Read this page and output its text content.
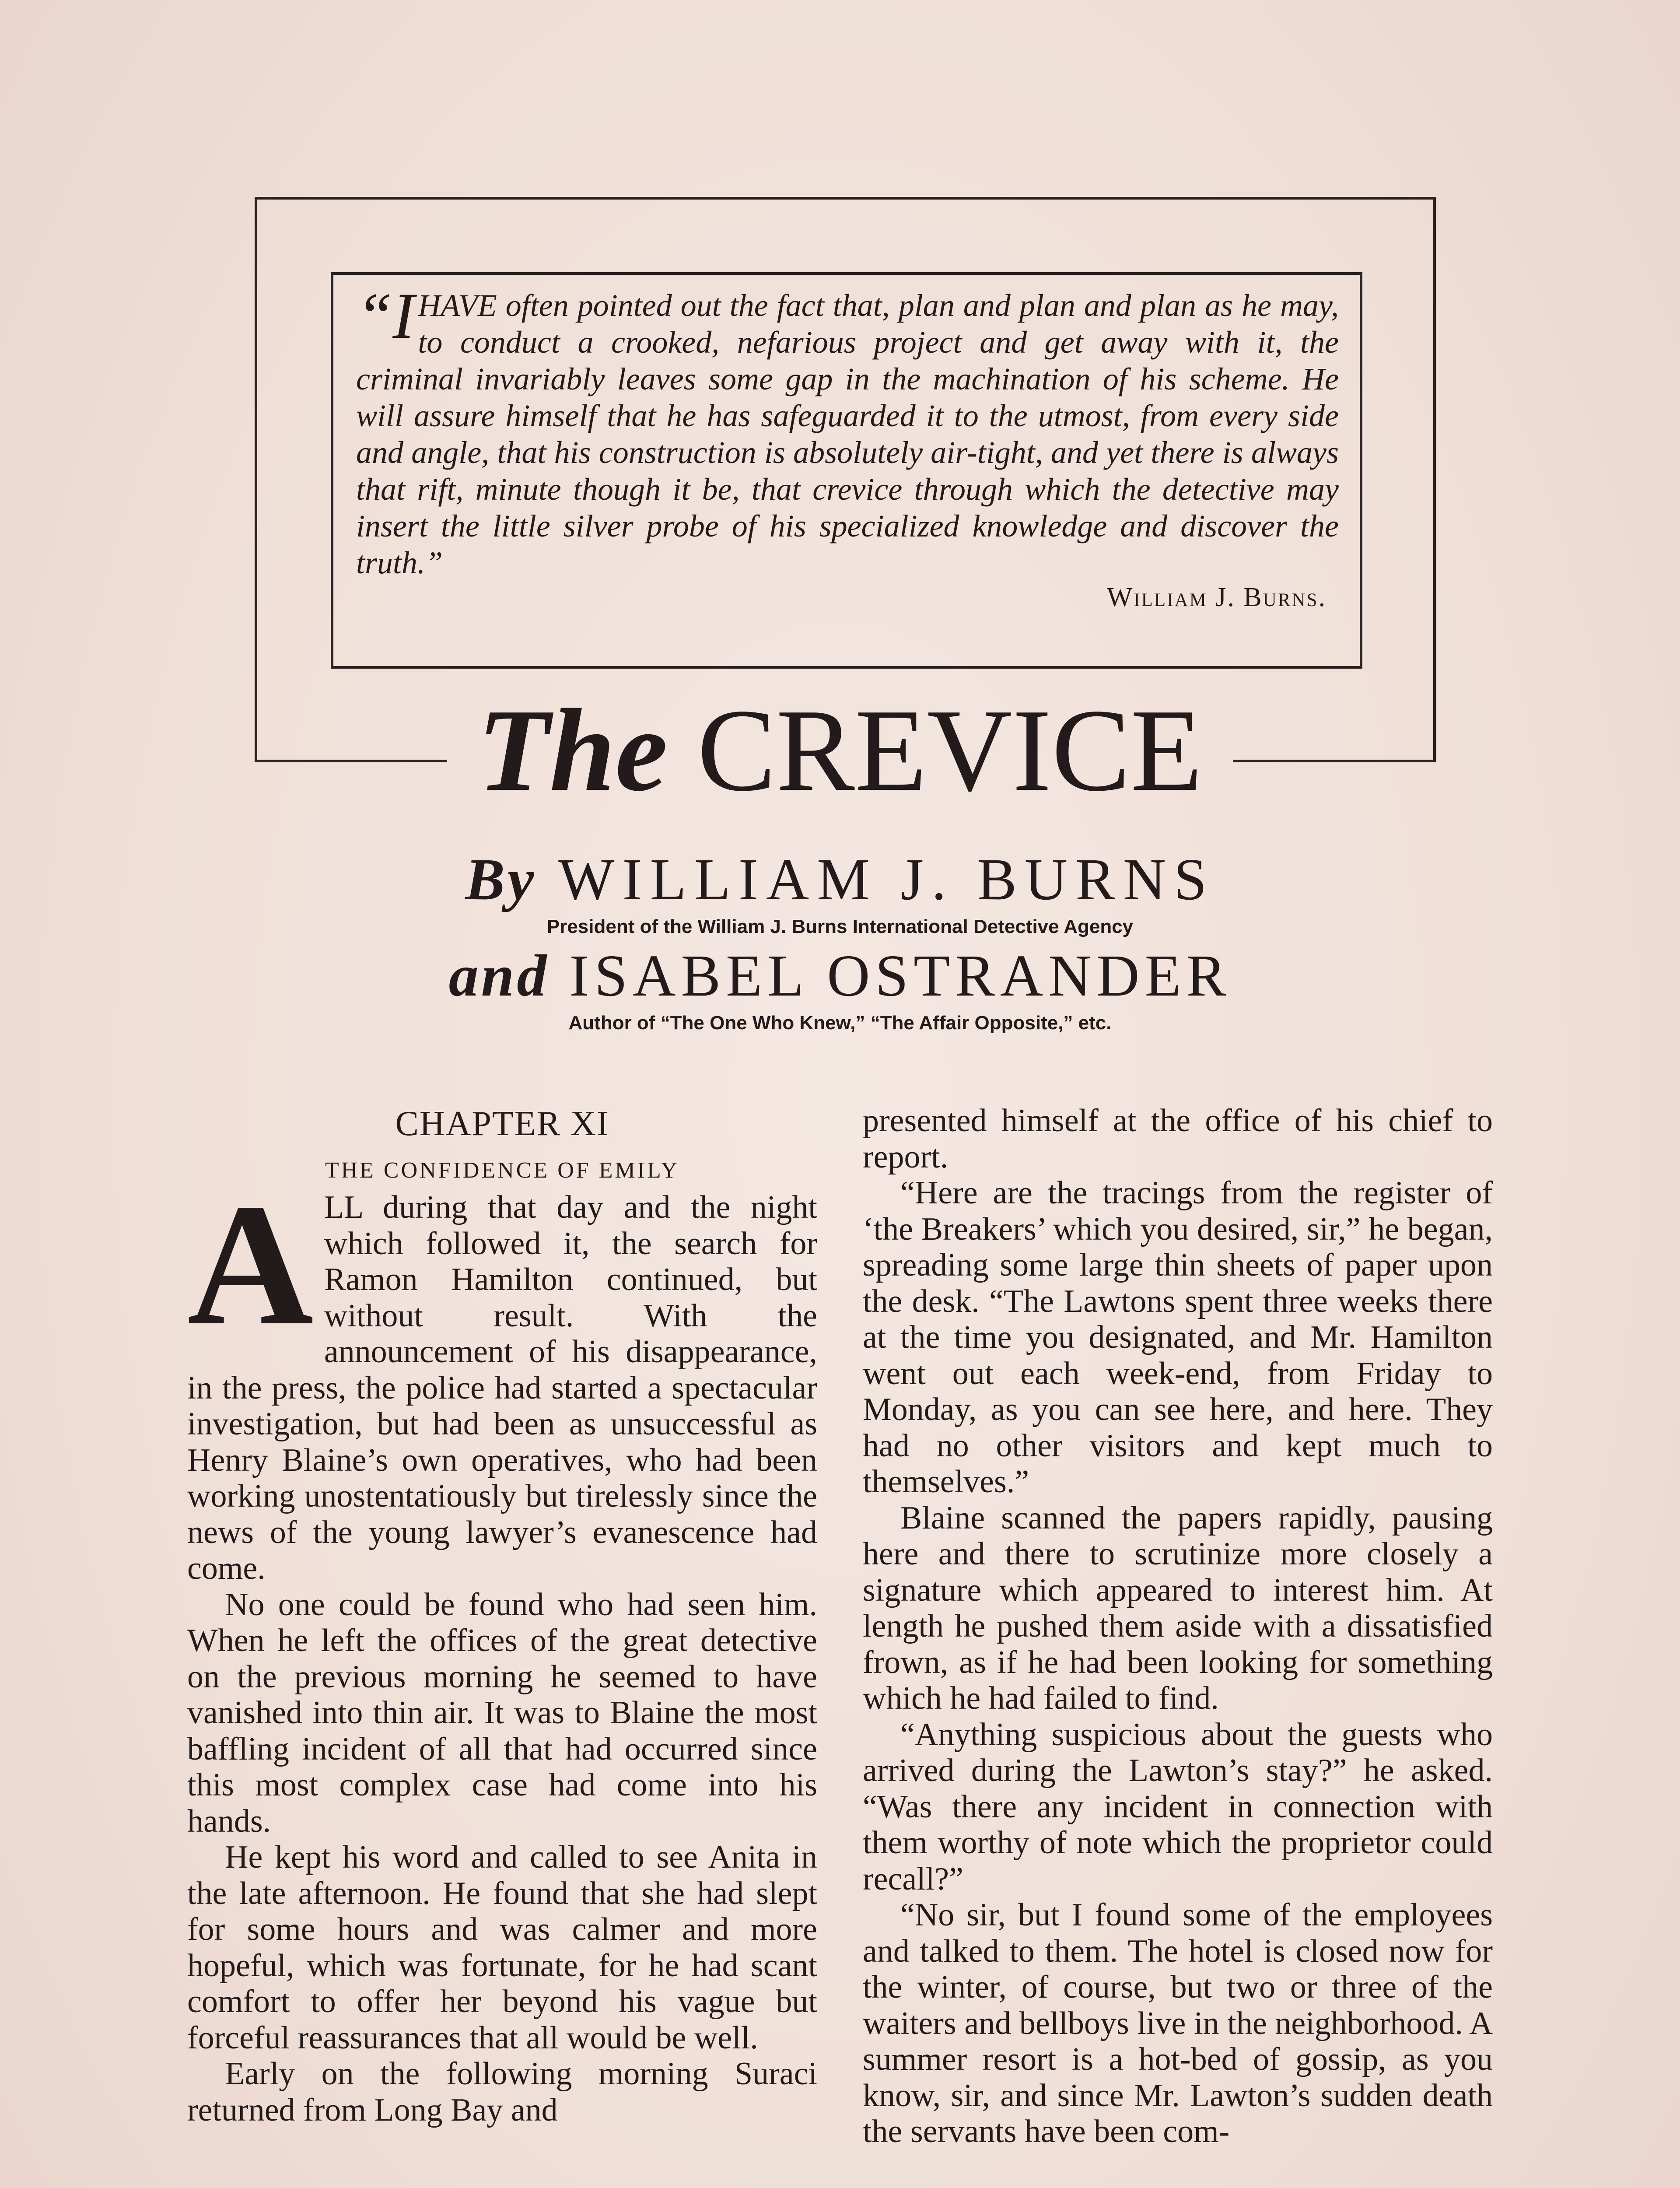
“I HAVE often pointed out the fact that, plan and plan and plan as he may, to conduct a crooked, nefarious project and get away with it, the criminal invariably leaves some gap in the machination of his scheme. He will assure himself that he has safeguarded it to the utmost, from every side and angle, that his construction is absolutely air-tight, and yet there is always that rift, minute though it be, that crevice through which the detective may insert the little silver probe of his specialized knowledge and discover the truth.”
William J. Burns.
The CREVICE
By WILLIAM J. BURNS
President of the William J. Burns International Detective Agency
and ISABEL OSTRANDER
Author of “The One Who Knew,” “The Affair Opposite,” etc.
CHAPTER XI
THE CONFIDENCE OF EMILY
A LL during that day and the night which followed it, the search for Ramon Hamilton continued, but without result. With the announcement of his disappearance, in the press, the police had started a spectacular investigation, but had been as unsuccessful as Henry Blaine’s own operatives, who had been working unostentatiously but tirelessly since the news of the young lawyer’s evanescence had come.

No one could be found who had seen him. When he left the offices of the great detective on the previous morning he seemed to have vanished into thin air. It was to Blaine the most baffling incident of all that had occurred since this most complex case had come into his hands.

He kept his word and called to see Anita in the late afternoon. He found that she had slept for some hours and was calmer and more hopeful, which was fortunate, for he had scant comfort to offer her beyond his vague but forceful reassurances that all would be well.

Early on the following morning Suraci returned from Long Bay and

presented himself at the office of his chief to report.

“Here are the tracings from the register of ‘the Breakers’ which you desired, sir,” he began, spreading some large thin sheets of paper upon the desk. “The Lawtons spent three weeks there at the time you designated, and Mr. Hamilton went out each week-end, from Friday to Monday, as you can see here, and here. They had no other visitors and kept much to themselves.”

Blaine scanned the papers rapidly, pausing here and there to scrutinize more closely a signature which appeared to interest him. At length he pushed them aside with a dissatisfied frown, as if he had been looking for something which he had failed to find.

“Anything suspicious about the guests who arrived during the Lawton’s stay?” he asked. “Was there any incident in connection with them worthy of note which the proprietor could recall?”

“No sir, but I found some of the employees and talked to them. The hotel is closed now for the winter, of course, but two or three of the waiters and bellboys live in the neighborhood. A summer resort is a hot-bed of gossip, as you know, sir, and since Mr. Lawton’s sudden death the servants have been com-
